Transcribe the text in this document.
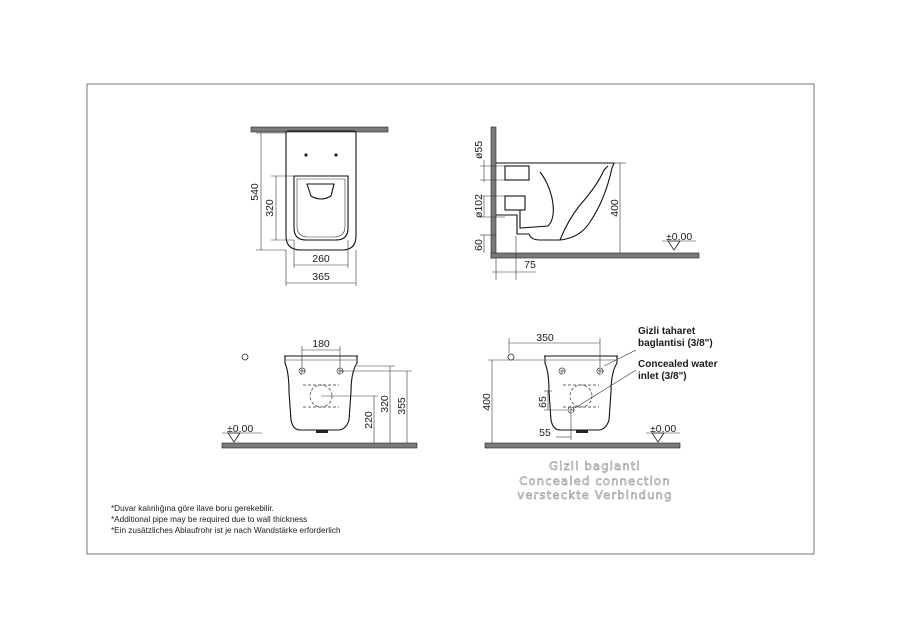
540
320
260
365
ø55
ø102
60
75
400
±0.00
180
220
320 355
±0.00
350
400	65
55
Gizli taharet
baglantisi (3/8")
Concealed water
inlet (3/8")
±0.00
Gizli baglanti
Concealed connection
versteckte Verbindung
*Duvar kalınlığına göre ilave boru gerekebilir.
*Additional pipe may be required due to wall thickness
*Ein zusätzliches Ablaufrohr ist je nach Wandstärke erforderlich
